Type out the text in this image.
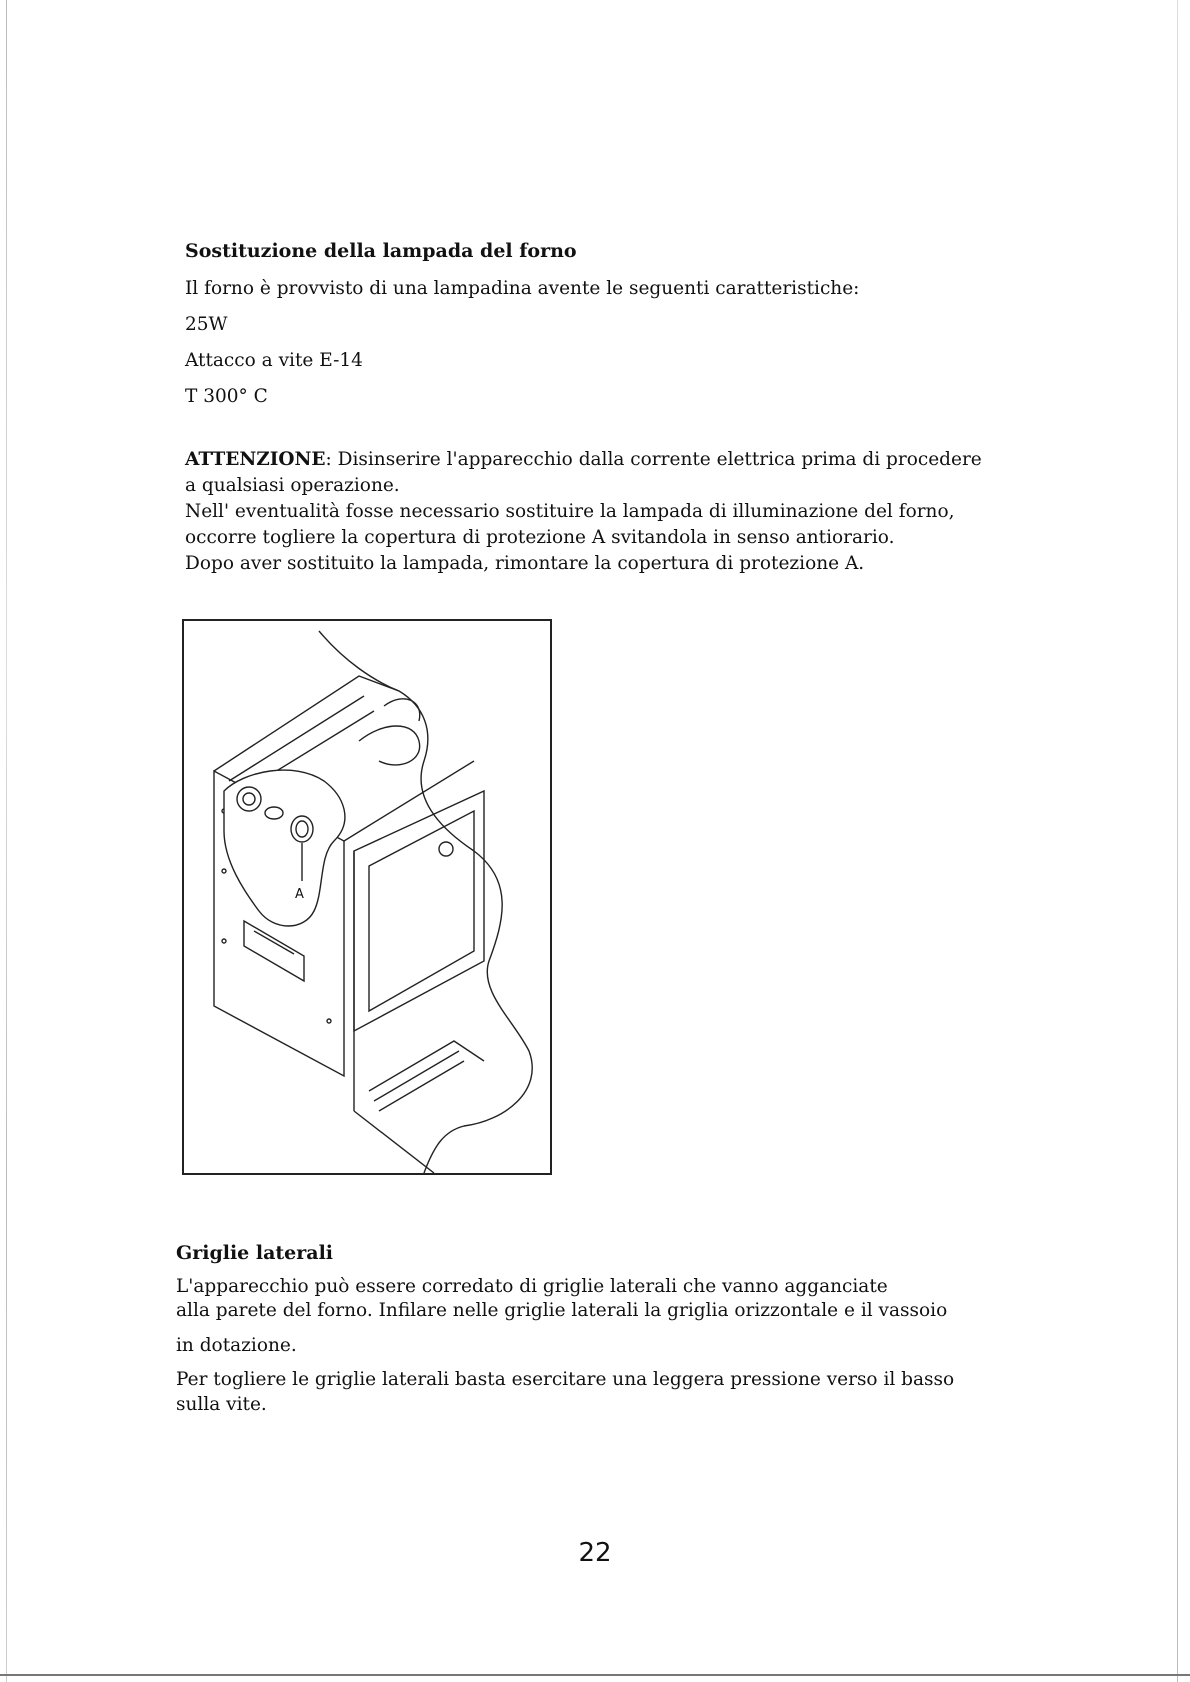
Sostituzione della lampada del forno

Il forno è provvisto di una lampadina avente le seguenti caratteristiche:

25W

Attacco a vite E-14

T 300° C

ATTENZIONE: Disinserire l'apparecchio dalla corrente elettrica prima di procedere
a qualsiasi operazione.
Nell' eventualità fosse necessario sostituire la lampada di illuminazione del forno,
occorre togliere la copertura di protezione A svitandola in senso antiorario.
Dopo aver sostituito la lampada, rimontare la copertura di protezione A.
A
Griglie laterali

L'apparecchio può essere corredato di griglie laterali che vanno agganciate

alla parete del forno. Infilare nelle griglie laterali la griglia orizzontale e il vassoio

in dotazione.

Per togliere le griglie laterali basta esercitare una leggera pressione verso il basso

sulla vite.

22
